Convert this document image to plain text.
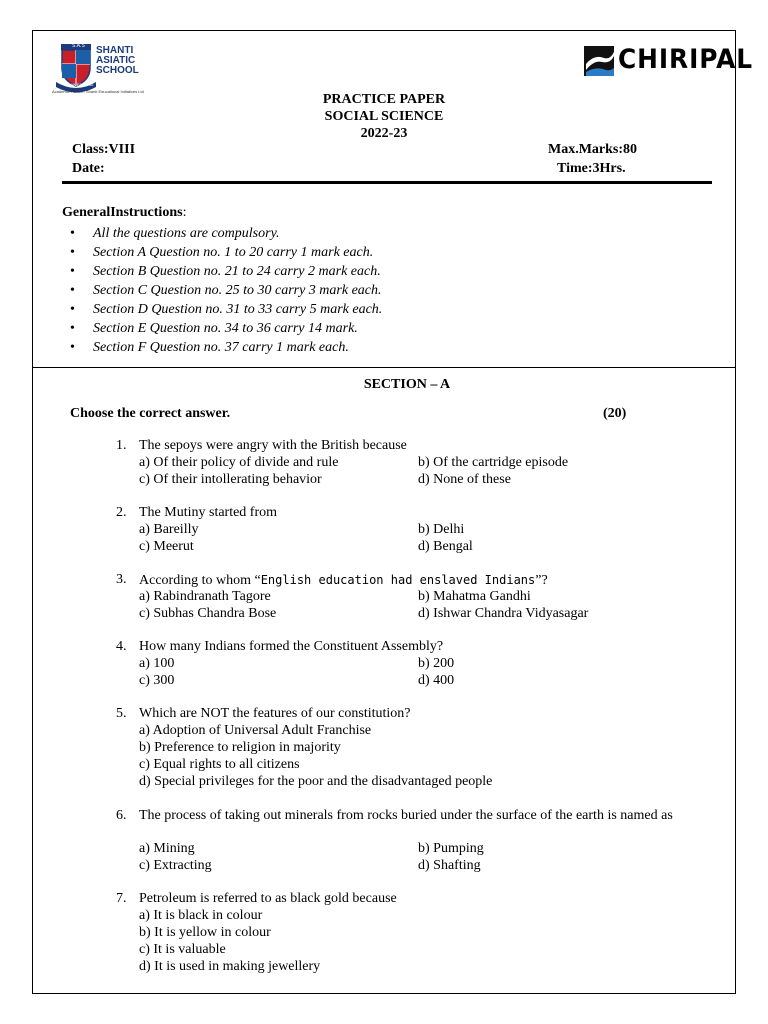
S.A.S SHANTI
ASIATIC
SCHOOL
AHMEDABAD
Academic Partner: Shanti Educational Initiatives Ltd
CHIRIPAL
PRACTICE PAPER
SOCIAL SCIENCE
2022-23
Class:VIII
Date:
Max.Marks:80
Time:3Hrs.
GeneralInstructions:
• All the questions are compulsory.
• Section A Question no. 1 to 20 carry 1 mark each.
• Section B Question no. 21 to 24 carry 2 mark each.
• Section C Question no. 25 to 30 carry 3 mark each.
• Section D Question no. 31 to 33 carry 5 mark each.
• Section E Question no. 34 to 36 carry 14 mark.
• Section F Question no. 37 carry 1 mark each.
SECTION – A
Choose the correct answer.	(20)
1. The sepoys were angry with the British because
a) Of their policy of divide and rule	b) Of the cartridge episode
c) Of their intollerating behavior	d) None of these
2. The Mutiny started from
a) Bareilly	b) Delhi
c) Meerut	d) Bengal
3. According to whom “English education had enslaved Indians”?
a) Rabindranath Tagore	b) Mahatma Gandhi
c) Subhas Chandra Bose	d) Ishwar Chandra Vidyasagar
4. How many Indians formed the Constituent Assembly?
a) 100	b) 200
c) 300	d) 400
5. Which are NOT the features of our constitution?
a) Adoption of Universal Adult Franchise
b) Preference to religion in majority
c) Equal rights to all citizens
d) Special privileges for the poor and the disadvantaged people
6. The process of taking out minerals from rocks buried under the surface of the earth is named as
a) Mining	b) Pumping
c) Extracting	d) Shafting
7. Petroleum is referred to as black gold because
a) It is black in colour
b) It is yellow in colour
c) It is valuable
d) It is used in making jewellery
